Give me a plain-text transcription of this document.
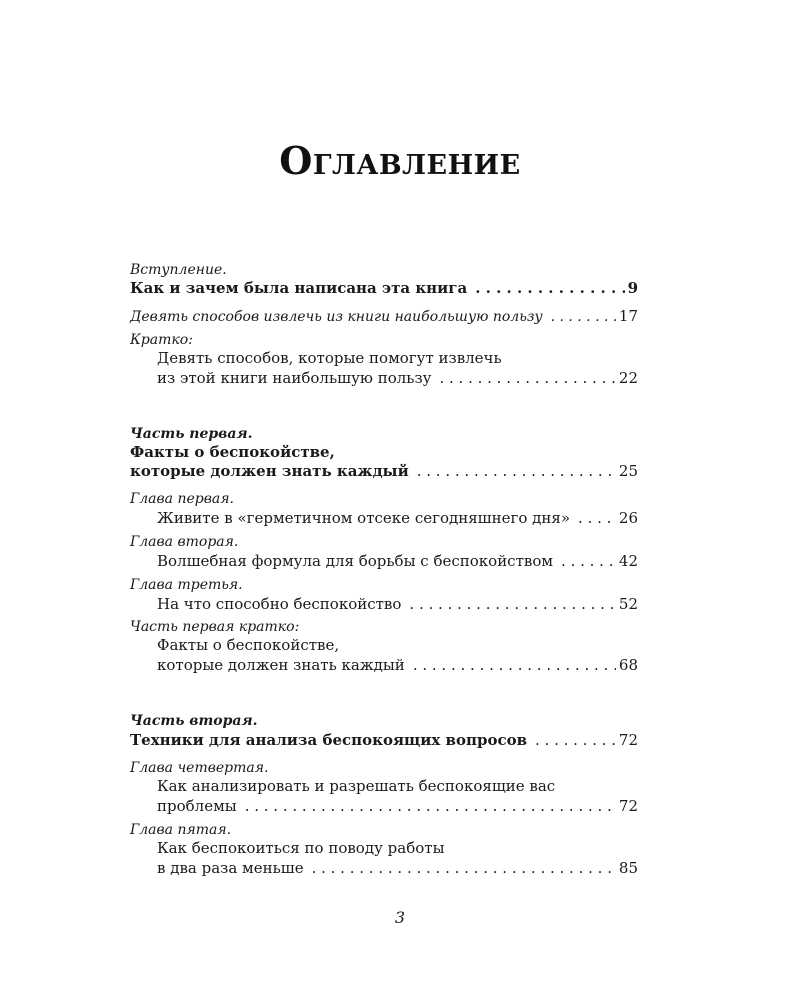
Оглавление
Вступление.
Как и зачем была написана эта книга . . .	9
Девять способов извлечь из книги наибольшую пользу . . .	17
Кратко:
Девять способов, которые помогут извлечь
из этой книги наибольшую пользу . . .	22
Часть первая.
Факты о беспокойстве,
которые должен знать каждый . . .	25
Глава первая.
Живите в «герметичном отсеке сегодняшнего дня» . . .	26
Глава вторая.
Волшебная формула для борьбы с беспокойством . . .	42
Глава третья.
На что способно беспокойство . . .	52
Часть первая кратко:
Факты о беспокойстве,
которые должен знать каждый . . .	68
Часть вторая.
Техники для анализа беспокоящих вопросов . . .	72
Глава четвертая.
Как анализировать и разрешать беспокоящие вас
проблемы . . .	72
Глава пятая.
Как беспокоиться по поводу работы
в два раза меньше . . .	85
3
